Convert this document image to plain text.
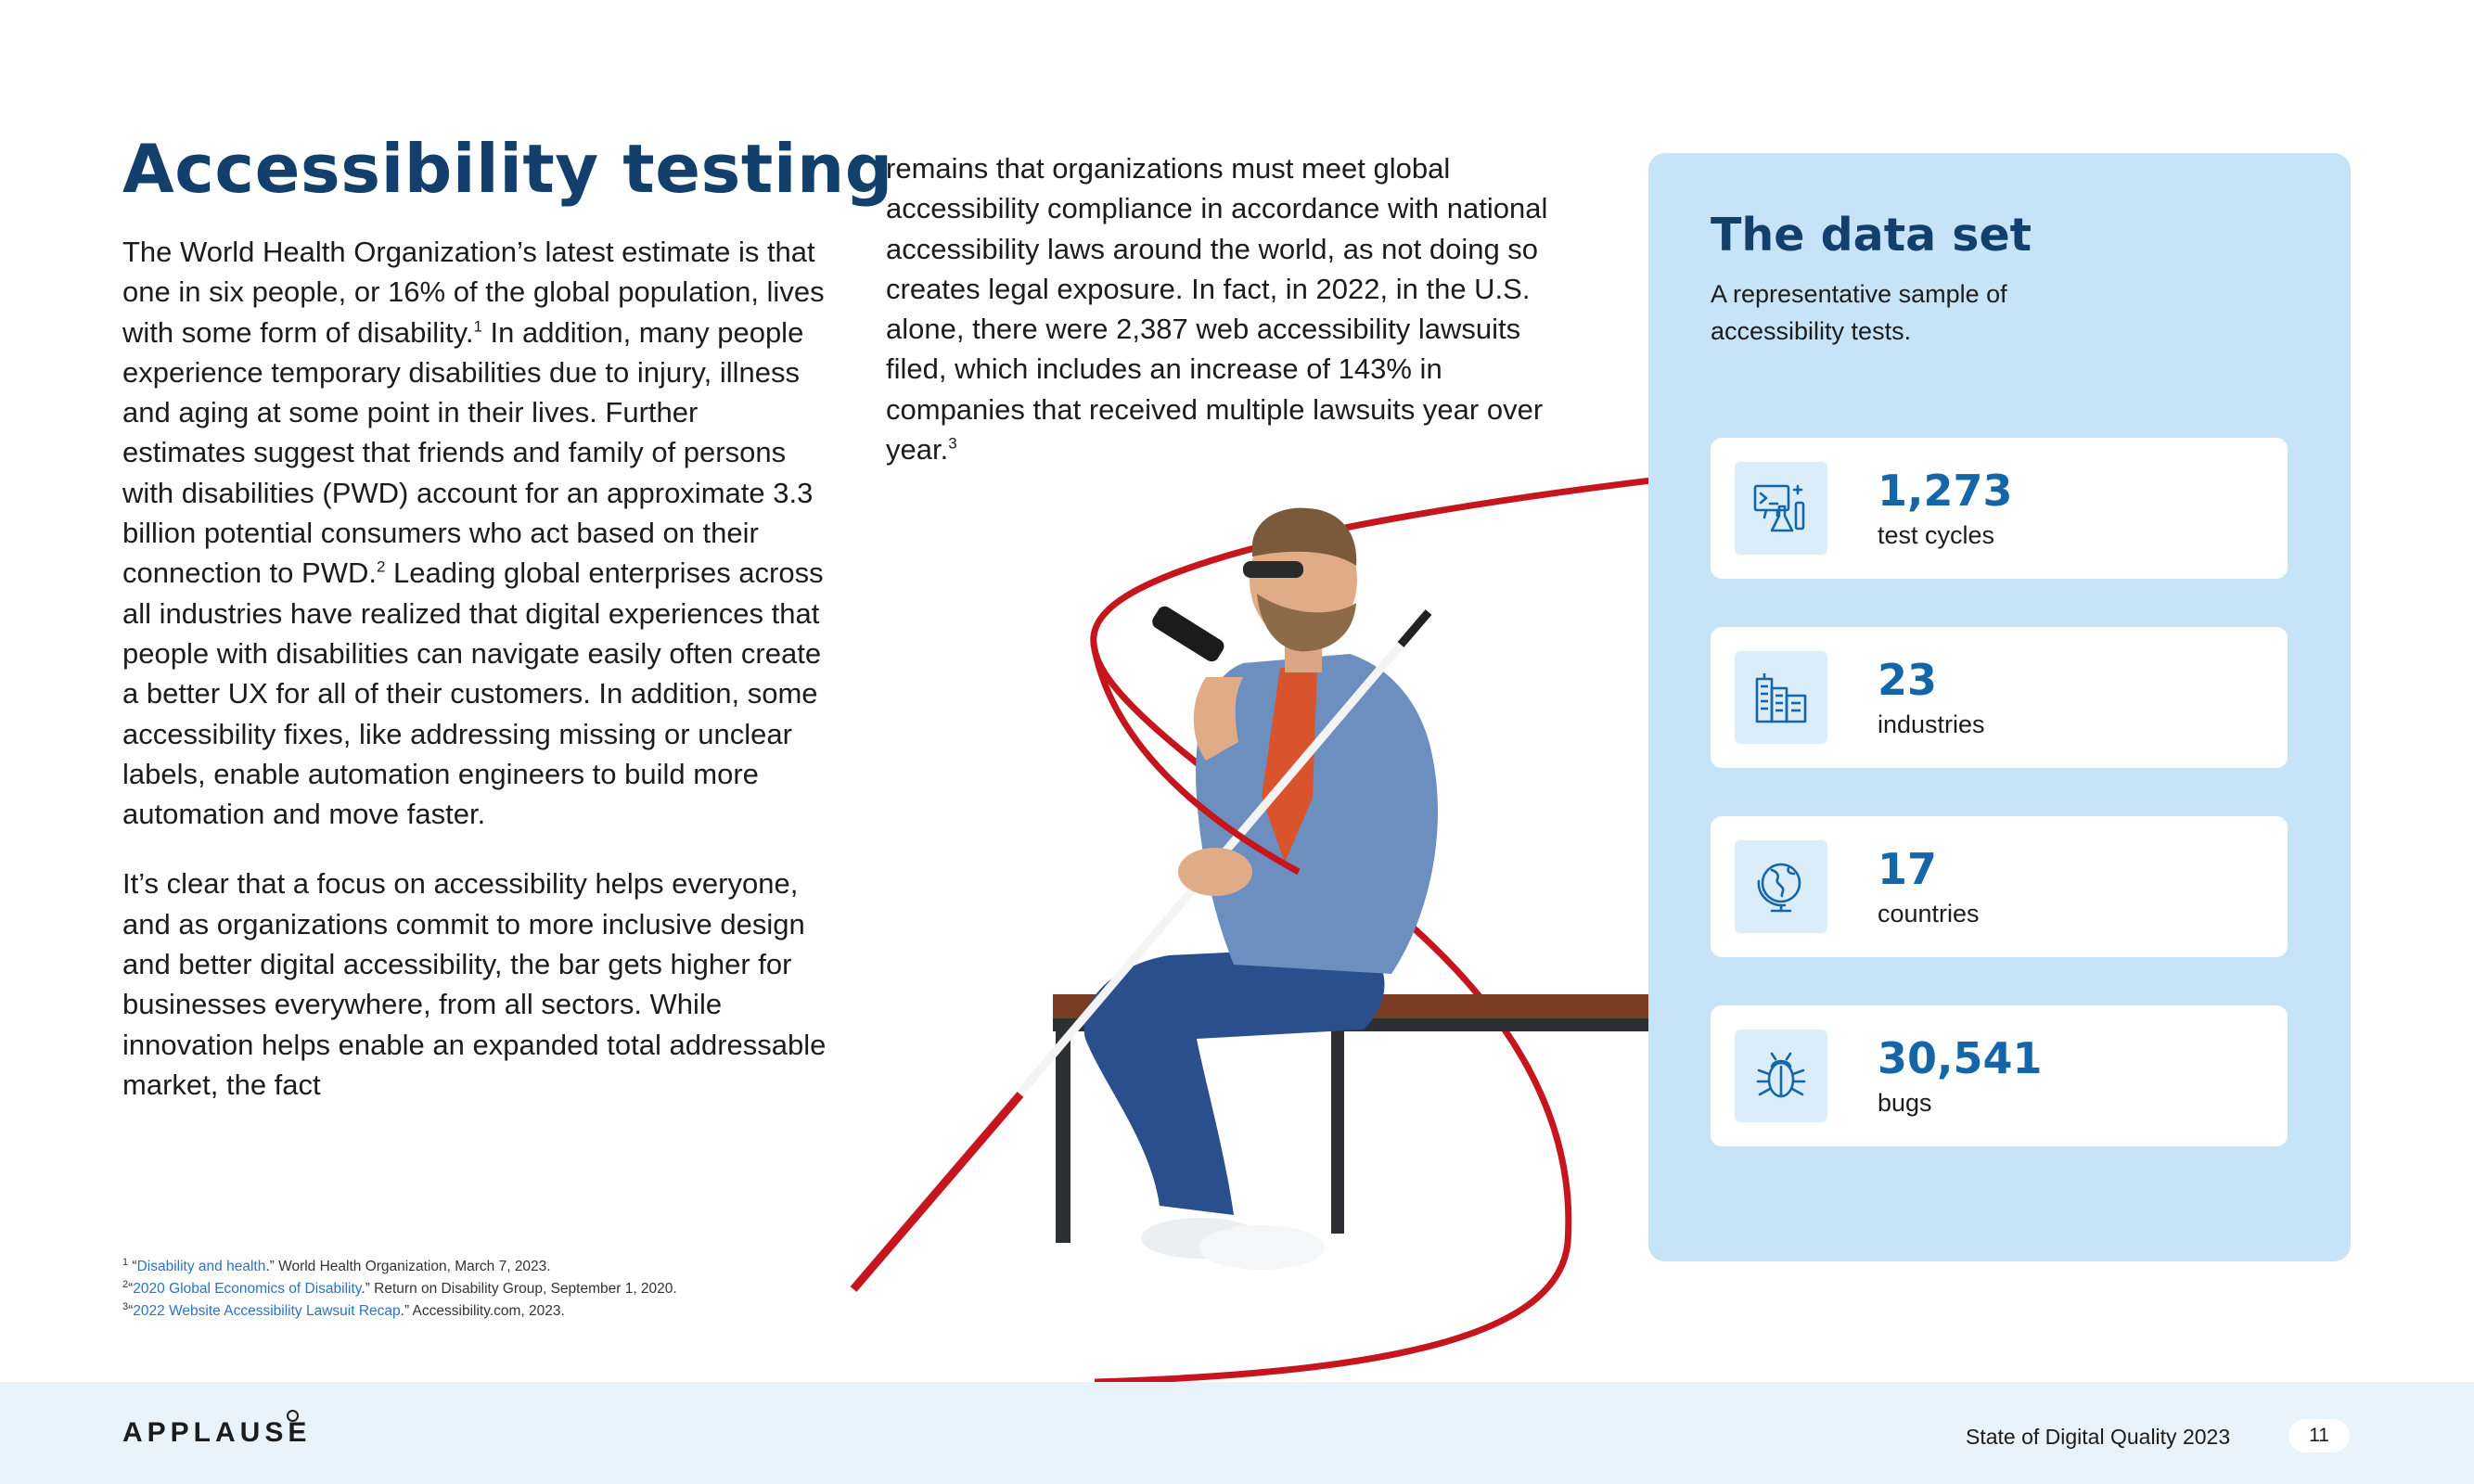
Accessibility testing

The World Health Organization’s latest estimate is that one in six people, or 16% of the global population, lives with some form of disability.$^1$ In addition, many people experience temporary disabilities due to injury, illness and aging at some point in their lives. Further estimates suggest that friends and family of persons with disabilities (PWD) account for an approximate 3.3 billion potential consumers who act based on their connection to PWD.$^2$ Leading global enterprises across all industries have realized that digital experiences that people with disabilities can navigate easily often create a better UX for all of their customers. In addition, some accessibility fixes, like addressing missing or unclear labels, enable automation engineers to build more automation and move faster.

It’s clear that a focus on accessibility helps everyone, and as organizations commit to more inclusive design and better digital accessibility, the bar gets higher for businesses everywhere, from all sectors. While innovation helps enable an expanded total addressable market, the fact

remains that organizations must meet global accessibility compliance in accordance with national accessibility laws around the world, as not doing so creates legal exposure. In fact, in 2022, in the U.S. alone, there were 2,387 web accessibility lawsuits filed, which includes an increase of 143% in companies that received multiple lawsuits year over year.$^3$

$^1$ “Disability and health.” World Health Organization, March 7, 2023.
$^2$“2020 Global Economics of Disability.” Return on Disability Group, September 1, 2020.
$^3$“2022 Website Accessibility Lawsuit Recap.” Accessibility.com, 2023.
The data set
A representative sample of accessibility tests.
1,273
test cycles
23
industries
17
countries
30,541
bugs
APPLAUSE	State of Digital Quality 2023	11
